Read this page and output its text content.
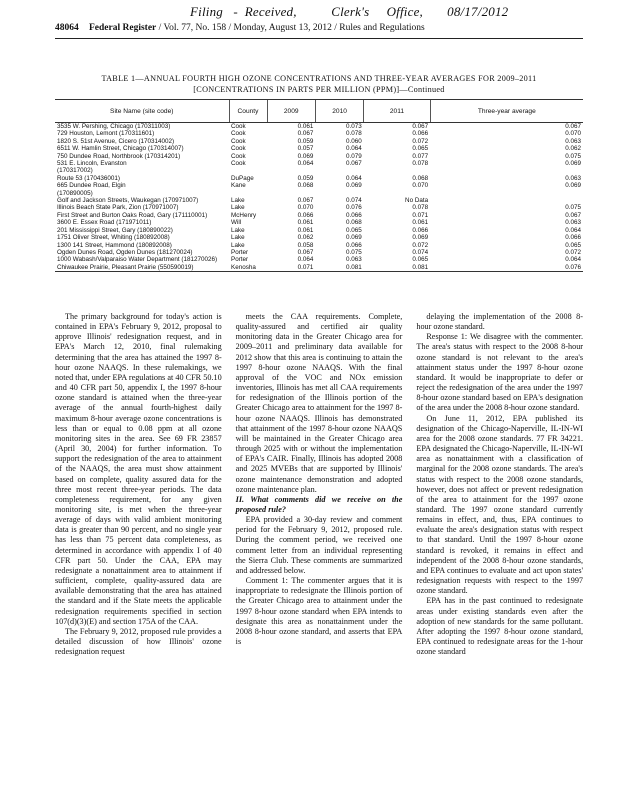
Filing   -  Received,          Clerk's     Office,       08/17/2012
48064	Federal Register / Vol. 77, No. 158 / Monday, August 13, 2012 / Rules and Regulations
TABLE 1—ANNUAL FOURTH HIGH OZONE CONCENTRATIONS AND THREE-YEAR AVERAGES FOR 2009–2011
[CONCENTRATIONS IN PARTS PER MILLION (PPM)]—Continued
Site Name (site code)	County	2009	2010	2011	Three-year average
3535 W. Pershing, Chicago (170311003)	Cook	0.061	0.073	0.067	0.067
729 Houston, Lemont (170311601)	Cook	0.067	0.078	0.066	0.070
1820 S. 51st Avenue, Cicero (170314002)	Cook	0.059	0.060	0.072	0.063
6511 W. Hamlin Street, Chicago (170314007)	Cook	0.057	0.064	0.065	0.062
750 Dundee Road, Northbrook (170314201)	Cook	0.069	0.079	0.077	0.075
531 E. Lincoln, Evanston	Cook	0.064	0.067	0.078	0.069
(170317002)					
Route 53 (170436001)	DuPage	0.059	0.064	0.068	0.063
665 Dundee Road, Elgin	Kane	0.068	0.069	0.070	0.069
(170890005)					
Golf and Jackson Streets, Waukegan (170971007)	Lake	0.067	0.074	No Data	
Illinois Beach State Park, Zion (170971007)	Lake	0.070	0.076	0.078	0.075
First Street and Burton Oaks Road, Gary (171110001)	McHenry	0.066	0.066	0.071	0.067
3600 E. Essex Road (171971011)	Will	0.061	0.068	0.061	0.063
201 Mississippi Street, Gary (180890022)	Lake	0.061	0.065	0.066	0.064
1751 Oliver Street, Whiting (180892008)	Lake	0.062	0.069	0.069	0.066
1300 141 Street, Hammond (180892008)	Lake	0.058	0.066	0.072	0.065
Ogden Dunes Road, Ogden Dunes (181270024)	Porter	0.067	0.075	0.074	0.072
1000 Wabash/Valparaiso Water Department (181270026)	Porter	0.064	0.063	0.065	0.064
Chiwaukee Prairie, Pleasant Prairie (550590019)	Kenosha	0.071	0.081	0.081	0.076

The primary background for today's action is contained in EPA's February 9, 2012, proposal to approve Illinois' redesignation request, and in EPA's March 12, 2010, final rulemaking determining that the area has attained the 1997 8-hour ozone NAAQS. In these rulemakings, we noted that, under EPA regulations at 40 CFR 50.10 and 40 CFR part 50, appendix I, the 1997 8-hour ozone standard is attained when the three-year average of the annual fourth-highest daily maximum 8-hour average ozone concentrations is less than or equal to 0.08 ppm at all ozone monitoring sites in the area. See 69 FR 23857 (April 30, 2004) for further information. To support the redesignation of the area to attainment of the NAAQS, the area must show attainment based on complete, quality assured data for the three most recent three-year periods. The data completeness requirement, for any given monitoring site, is met when the three-year average of days with valid ambient monitoring data is greater than 90 percent, and no single year has less than 75 percent data completeness, as determined in accordance with appendix I of 40 CFR part 50. Under the CAA, EPA may redesignate a nonattainment area to attainment if sufficient, complete, quality-assured data are available demonstrating that the area has attained the standard and if the State meets the applicable redesignation requirements specified in section 107(d)(3)(E) and section 175A of the CAA.

The February 9, 2012, proposed rule provides a detailed discussion of how Illinois' ozone redesignation request

meets the CAA requirements. Complete, quality-assured and certified air quality monitoring data in the Greater Chicago area for 2009–2011 and preliminary data available for 2012 show that this area is continuing to attain the 1997 8-hour ozone NAAQS. With the final approval of the VOC and NOx emission inventories, Illinois has met all CAA requirements for redesignation of the Illinois portion of the Greater Chicago area to attainment for the 1997 8-hour ozone NAAQS. Illinois has demonstrated that attainment of the 1997 8-hour ozone NAAQS will be maintained in the Greater Chicago area through 2025 with or without the implementation of EPA's CAIR. Finally, Illinois has adopted 2008 and 2025 MVEBs that are supported by Illinois' ozone maintenance demonstration and adopted ozone maintenance plan.

II. What comments did we receive on the proposed rule?

EPA provided a 30-day review and comment period for the February 9, 2012, proposed rule. During the comment period, we received one comment letter from an individual representing the Sierra Club. These comments are summarized and addressed below.

Comment 1: The commenter argues that it is inappropriate to redesignate the Illinois portion of the Greater Chicago area to attainment under the 1997 8-hour ozone standard when EPA intends to designate this area as nonattainment under the 2008 8-hour ozone standard, and asserts that EPA is

delaying the implementation of the 2008 8-hour ozone standard.

Response 1: We disagree with the commenter. The area's status with respect to the 2008 8-hour ozone standard is not relevant to the area's attainment status under the 1997 8-hour ozone standard. It would be inappropriate to defer or reject the redesignation of the area under the 1997 8-hour ozone standard based on EPA's designation of the area under the 2008 8-hour ozone standard.

On June 11, 2012, EPA published its designation of the Chicago-Naperville, IL-IN-WI area for the 2008 ozone standards. 77 FR 34221. EPA designated the Chicago-Naperville, IL-IN-WI area as nonattainment with a classification of marginal for the 2008 ozone standards. The area's status with respect to the 2008 ozone standards, however, does not affect or prevent redesignation of the area to attainment for the 1997 ozone standard. The 1997 ozone standard currently remains in effect, and, thus, EPA continues to evaluate the area's designation status with respect to that standard. Until the 1997 8-hour ozone standard is revoked, it remains in effect and independent of the 2008 8-hour ozone standards, and EPA continues to evaluate and act upon states' redesignation requests with respect to the 1997 ozone standard.

EPA has in the past continued to redesignate areas under existing standards even after the adoption of new standards for the same pollutant. After adopting the 1997 8-hour ozone standard, EPA continued to redesignate areas for the 1-hour ozone standard
